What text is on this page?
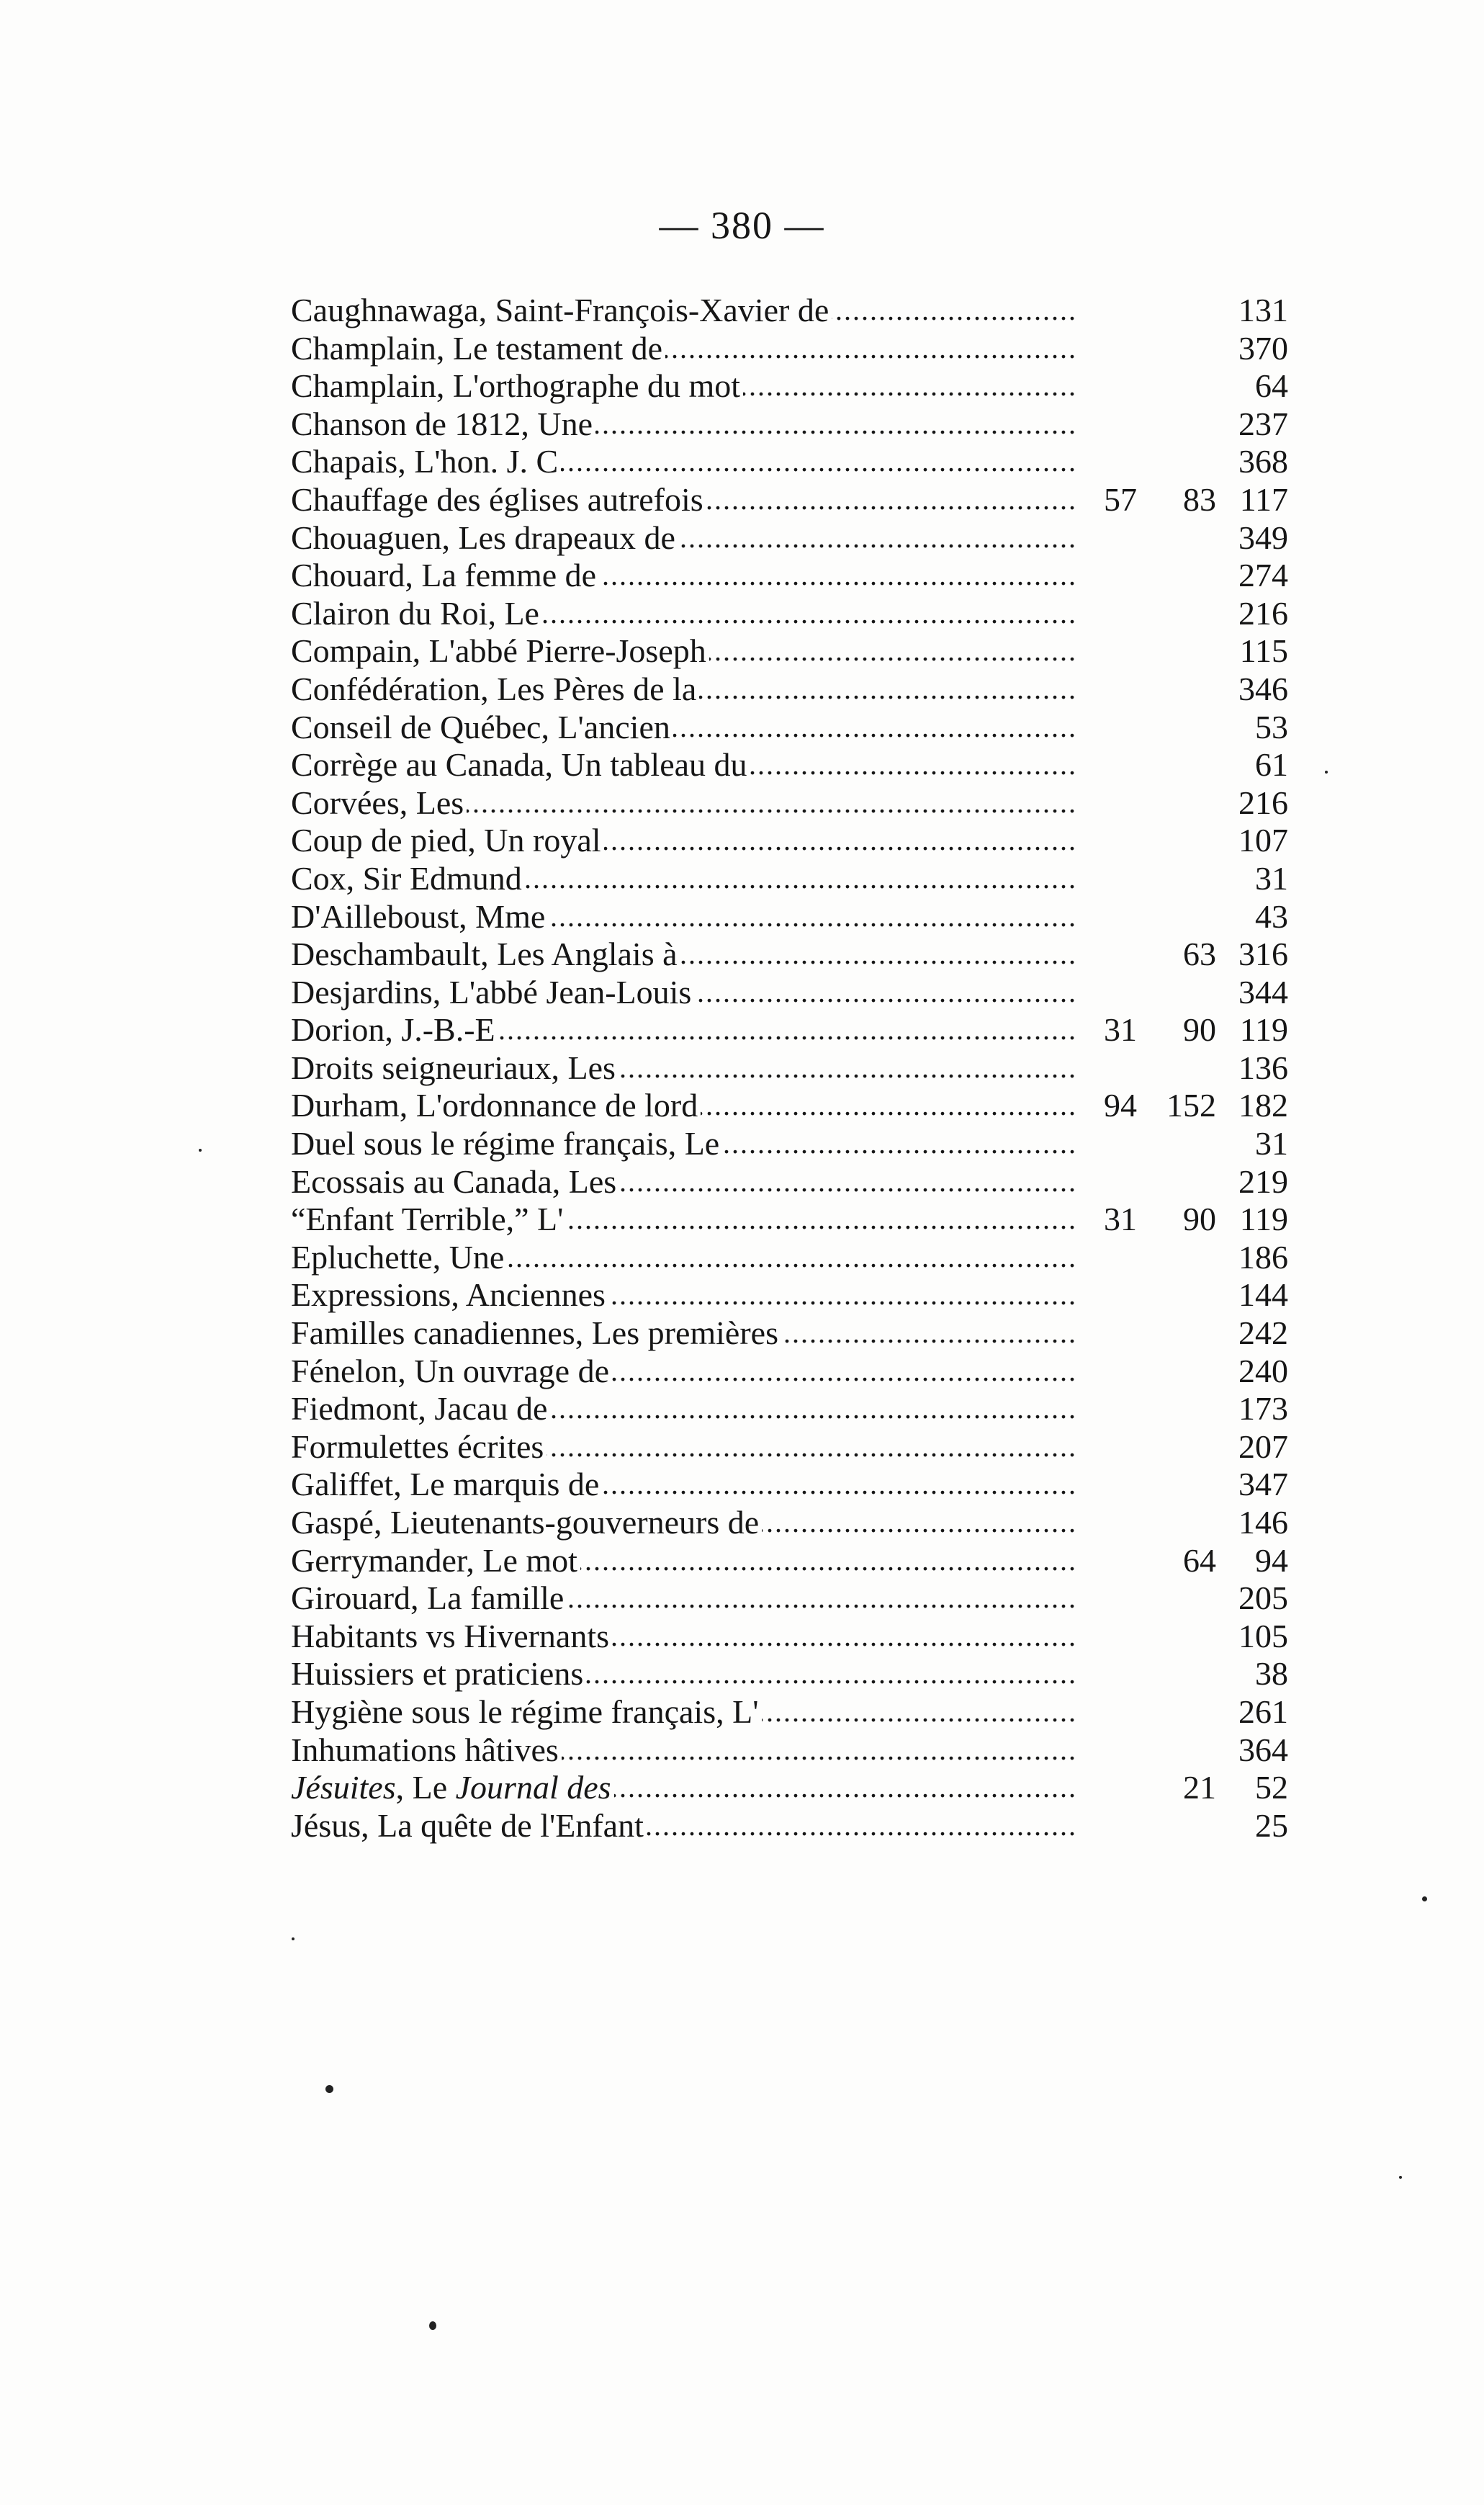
— 380 —
Caughnawaga, Saint-François-Xavier de .....	131
Champlain, Le testament de .....	370
Champlain, L'orthographe du mot .....	64
Chanson de 1812, Une .....	237
Chapais, L'hon. J. C .....	368
Chauffage des églises autrefois .....	57	83 117
Chouaguen, Les drapeaux de .....	349
Chouard, La femme de .....	274
Clairon du Roi, Le .....	216
Compain, L'abbé Pierre-Joseph .....	115
Confédération, Les Pères de la .....	346
Conseil de Québec, L'ancien .....	53
Corrège au Canada, Un tableau du .....	61
Corvées, Les .....	216
Coup de pied, Un royal .....	107
Cox, Sir Edmund .....	31
D'Ailleboust, Mme .....	43
Deschambault, Les Anglais à .....	63 316
Desjardins, L'abbé Jean-Louis .....	344
Dorion, J.-B.-E .....	31	90 119
Droits seigneuriaux, Les .....	136
Durham, L'ordonnance de lord .....	94 152 182
Duel sous le régime français, Le .....	31
Ecossais au Canada, Les .....	219
“Enfant Terrible,” L' .....	31	90 119
Epluchette, Une .....	186
Expressions, Anciennes .....	144
Familles canadiennes, Les premières .....	242
Fénelon, Un ouvrage de .....	240
Fiedmont, Jacau de .....	173
Formulettes écrites .....	207
Galiffet, Le marquis de .....	347
Gaspé, Lieutenants-gouverneurs de .....	146
Gerrymander, Le mot .....	64	94
Girouard, La famille .....	205
Habitants vs Hivernants .....	105
Huissiers et praticiens .....	38
Hygiène sous le régime français, L' .....	261
Inhumations hâtives .....	364
Jésuites, Le Journal des .....	21	52
Jésus, La quête de l'Enfant .....	25
